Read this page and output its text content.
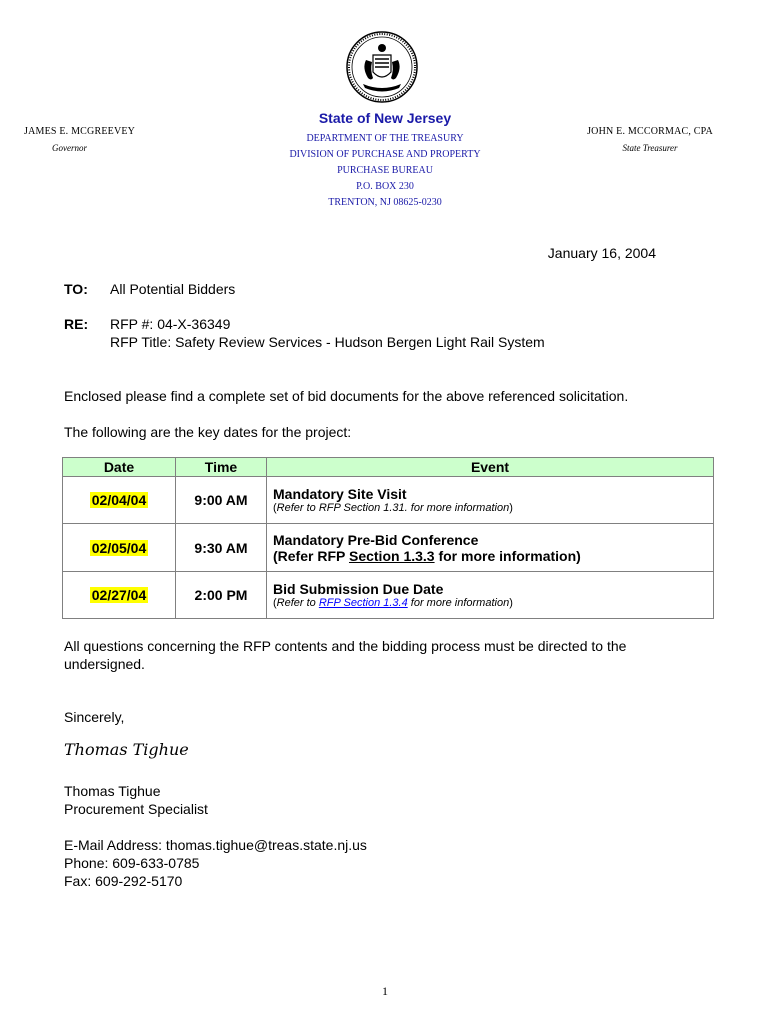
JAMES E. MCGREEVEY
Governor
State of New Jersey
DEPARTMENT OF THE TREASURY
DIVISION OF PURCHASE AND PROPERTY
PURCHASE BUREAU
P.O. BOX 230
TRENTON, NJ 08625-0230
JOHN E. MCCORMAC, CPA
State Treasurer
January 16, 2004
TO: All Potential Bidders
RE: RFP #: 04-X-36349
RFP Title: Safety Review Services - Hudson Bergen Light Rail System
Enclosed please find a complete set of bid documents for the above referenced solicitation.
The following are the key dates for the project:
Date	Time	Event
02/04/04	9:00 AM	Mandatory Site Visit
(Refer to RFP Section 1.31. for more information)

02/05/04	9:30 AM	Mandatory Pre-Bid Conference
(Refer RFP Section 1.3.3 for more information)

02/27/04	2:00 PM	Bid Submission Due Date
(Refer to RFP Section 1.3.4 for more information)
All questions concerning the RFP contents and the bidding process must be directed to the
undersigned.
Sincerely,
Thomas Tighue
Thomas Tighue
Procurement Specialist
E-Mail Address: thomas.tighue@treas.state.nj.us
Phone: 609-633-0785
Fax: 609-292-5170
1
